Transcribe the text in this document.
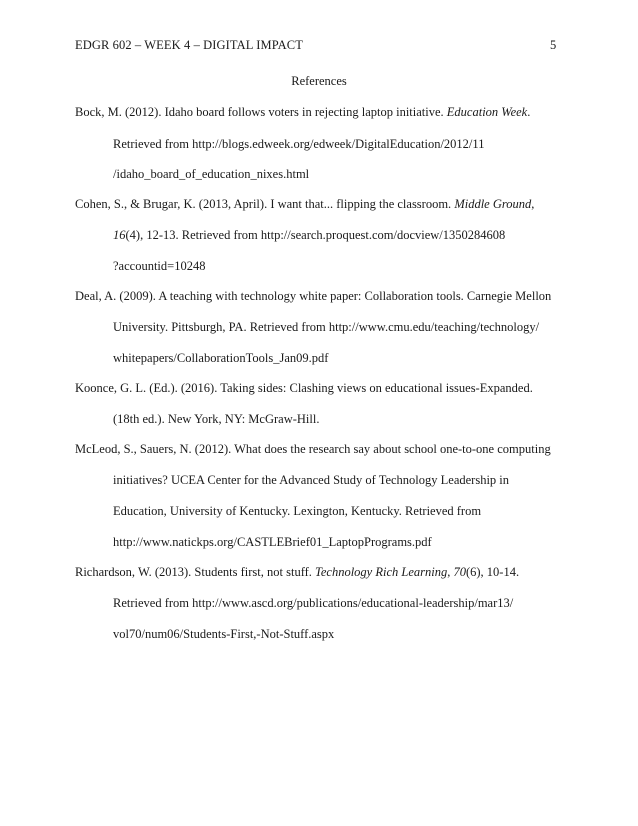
EDGR 602 – WEEK 4 – DIGITAL IMPACT	5
References
Bock, M. (2012). Idaho board follows voters in rejecting laptop initiative. Education Week.
Retrieved from http://blogs.edweek.org/edweek/DigitalEducation/2012/11
/idaho_board_of_education_nixes.html
Cohen, S., & Brugar, K. (2013, April). I want that... flipping the classroom. Middle Ground,
16(4), 12-13. Retrieved from http://search.proquest.com/docview/1350284608
?accountid=10248
Deal, A. (2009). A teaching with technology white paper: Collaboration tools. Carnegie Mellon
University. Pittsburgh, PA. Retrieved from http://www.cmu.edu/teaching/technology/
whitepapers/CollaborationTools_Jan09.pdf
Koonce, G. L. (Ed.). (2016). Taking sides: Clashing views on educational issues-Expanded.
(18th ed.). New York, NY: McGraw-Hill.
McLeod, S., Sauers, N. (2012). What does the research say about school one-to-one computing
initiatives? UCEA Center for the Advanced Study of Technology Leadership in
Education, University of Kentucky. Lexington, Kentucky. Retrieved from
http://www.natickps.org/CASTLEBrief01_LaptopPrograms.pdf
Richardson, W. (2013). Students first, not stuff. Technology Rich Learning, 70(6), 10-14.
Retrieved from http://www.ascd.org/publications/educational-leadership/mar13/
vol70/num06/Students-First,-Not-Stuff.aspx
